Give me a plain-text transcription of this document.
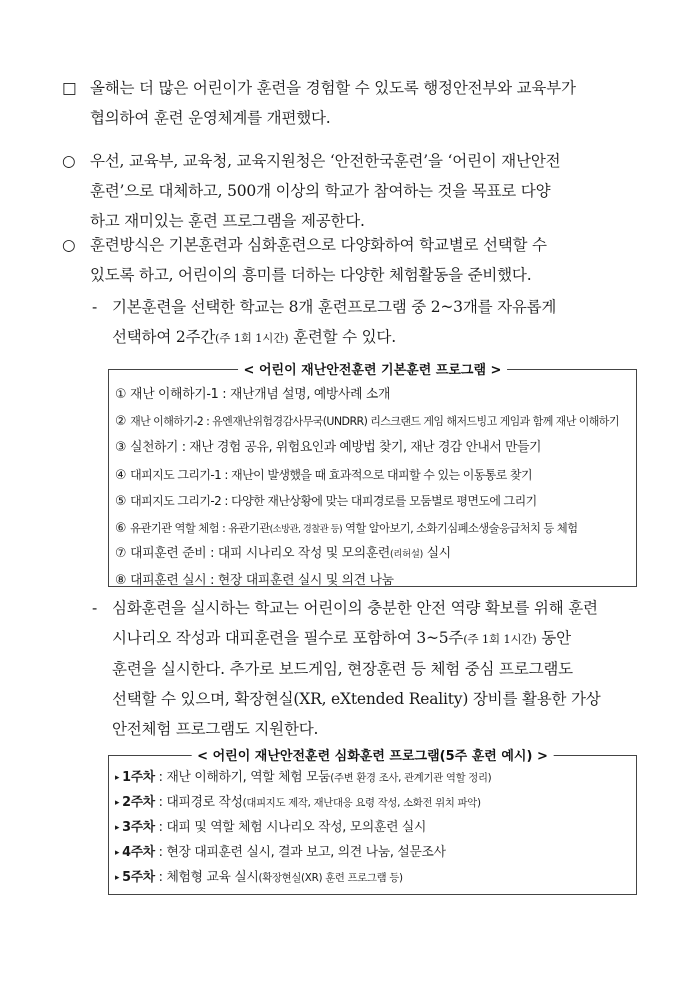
□ 올해는 더 많은 어린이가 훈련을 경험할 수 있도록 행정안전부와 교육부가
협의하여 훈련 운영체계를 개편했다.
○ 우선, 교육부, 교육청, 교육지원청은 ‘안전한국훈련’을 ‘어린이 재난안전
훈련’으로 대체하고, 500개 이상의 학교가 참여하는 것을 목표로 다양
하고 재미있는 훈련 프로그램을 제공한다.
○ 훈련방식은 기본훈련과 심화훈련으로 다양화하여 학교별로 선택할 수
있도록 하고, 어린이의 흥미를 더하는 다양한 체험활동을 준비했다.
- 기본훈련을 선택한 학교는 8개 훈련프로그램 중 2~3개를 자유롭게
선택하여 2주간(주 1회 1시간) 훈련할 수 있다.
< 어린이 재난안전훈련 기본훈련 프로그램 >
① 재난 이해하기-1 : 재난개념 설명, 예방사례 소개
② 재난 이해하기-2 : 유엔재난위험경감사무국(UNDRR) 리스크랜드 게임 해저드빙고 게임과 함께 재난 이해하기
③ 실천하기 : 재난 경험 공유, 위험요인과 예방법 찾기, 재난 경감 안내서 만들기
④ 대피지도 그리기-1 : 재난이 발생했을 때 효과적으로 대피할 수 있는 이동통로 찾기
⑤ 대피지도 그리기-2 : 다양한 재난상황에 맞는 대피경로를 모둠별로 평면도에 그리기
⑥ 유관기관 역할 체험 : 유관기관(소방관, 경찰관 등) 역할 알아보기, 소화기심폐소생술응급처치 등 체험
⑦ 대피훈련 준비 : 대피 시나리오 작성 및 모의훈련(리허설) 실시
⑧ 대피훈련 실시 : 현장 대피훈련 실시 및 의견 나눔
- 심화훈련을 실시하는 학교는 어린이의 충분한 안전 역량 확보를 위해 훈련
시나리오 작성과 대피훈련을 필수로 포함하여 3~5주(주 1회 1시간) 동안
훈련을 실시한다. 추가로 보드게임, 현장훈련 등 체험 중심 프로그램도
선택할 수 있으며, 확장현실(XR, eXtended Reality) 장비를 활용한 가상
안전체험 프로그램도 지원한다.
< 어린이 재난안전훈련 심화훈련 프로그램(5주 훈련 예시) >
▸ 1주차 : 재난 이해하기, 역할 체험 모둠(주변 환경 조사, 관계기관 역할 정리)
▸ 2주차 : 대피경로 작성(대피지도 제작, 재난대응 요령 작성, 소화전 위치 파악)
▸ 3주차 : 대피 및 역할 체험 시나리오 작성, 모의훈련 실시
▸ 4주차 : 현장 대피훈련 실시, 결과 보고, 의견 나눔, 설문조사
▸ 5주차 : 체험형 교육 실시(확장현실(XR) 훈련 프로그램 등)
